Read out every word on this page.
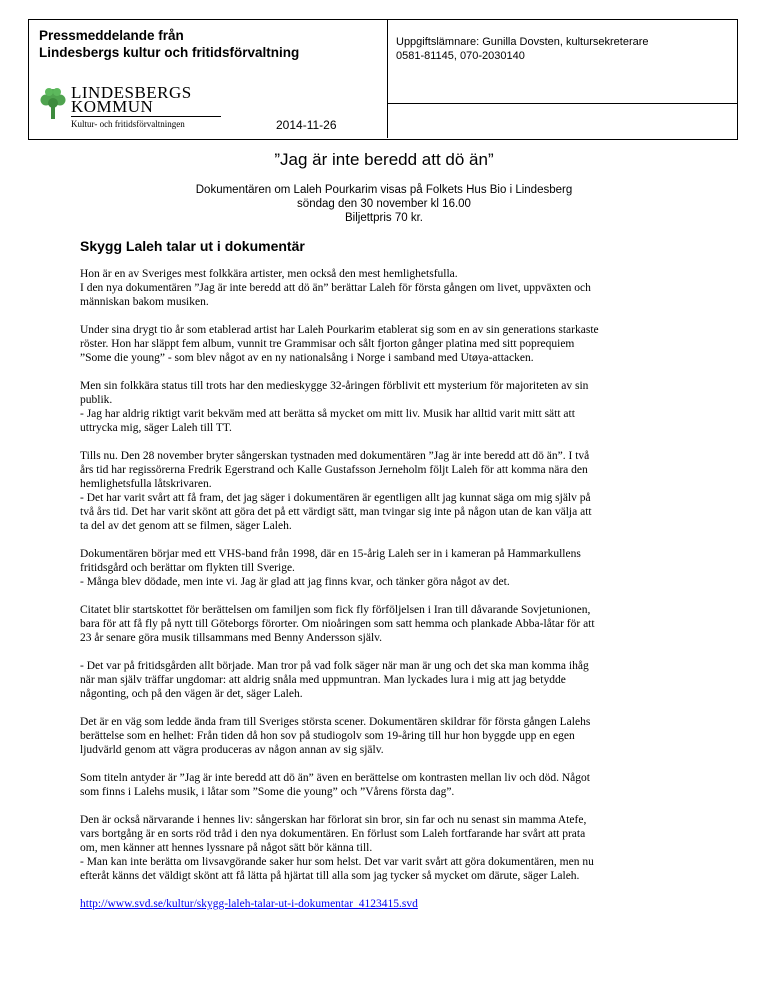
Pressmeddelande från
Lindesbergs kultur och fritidsförvaltning
LINDESBERGS
KOMMUN
Kultur- och fritidsförvaltningen	2014-11-26
Uppgiftslämnare: Gunilla Dovsten, kultursekreterare
0581-81145, 070-2030140
”Jag är inte beredd att dö än”
Dokumentären om Laleh Pourkarim visas på Folkets Hus Bio i Lindesberg
söndag den 30 november kl 16.00
Biljettpris 70 kr.
Skygg Laleh talar ut i dokumentär

Hon är en av Sveriges mest folkkära artister, men också den mest hemlighetsfulla.
I den nya dokumentären ”Jag är inte beredd att dö än” berättar Laleh för första gången om livet, uppväxten och
människan bakom musiken.

Under sina drygt tio år som etablerad artist har Laleh Pourkarim etablerat sig som en av sin generations starkaste
röster. Hon har släppt fem album, vunnit tre Grammisar och sålt fjorton gånger platina med sitt poprequiem
”Some die young” - som blev något av en ny nationalsång i Norge i samband med Utøya-attacken.

Men sin folkkära status till trots har den medieskygge 32-åringen förblivit ett mysterium för majoriteten av sin
publik.
- Jag har aldrig riktigt varit bekväm med att berätta så mycket om mitt liv. Musik har alltid varit mitt sätt att
uttrycka mig, säger Laleh till TT.

Tills nu. Den 28 november bryter sångerskan tystnaden med dokumentären ”Jag är inte beredd att dö än”. I två
års tid har regissörerna Fredrik Egerstrand och Kalle Gustafsson Jerneholm följt Laleh för att komma nära den
hemlighetsfulla låtskrivaren.
- Det har varit svårt att få fram, det jag säger i dokumentären är egentligen allt jag kunnat säga om mig själv på
två års tid. Det har varit skönt att göra det på ett värdigt sätt, man tvingar sig inte på någon utan de kan välja att
ta del av det genom att se filmen, säger Laleh.

Dokumentären börjar med ett VHS-band från 1998, där en 15-årig Laleh ser in i kameran på Hammarkullens
fritidsgård och berättar om flykten till Sverige.
- Många blev dödade, men inte vi. Jag är glad att jag finns kvar, och tänker göra något av det.

Citatet blir startskottet för berättelsen om familjen som fick fly förföljelsen i Iran till dåvarande Sovjetunionen,
bara för att få fly på nytt till Göteborgs förorter. Om nioåringen som satt hemma och plankade Abba-låtar för att
23 år senare göra musik tillsammans med Benny Andersson själv.

- Det var på fritidsgården allt började. Man tror på vad folk säger när man är ung och det ska man komma ihåg
när man själv träffar ungdomar: att aldrig snåla med uppmuntran. Man lyckades lura i mig att jag betydde
någonting, och på den vägen är det, säger Laleh.

Det är en väg som ledde ända fram till Sveriges största scener. Dokumentären skildrar för första gången Lalehs
berättelse som en helhet: Från tiden då hon sov på studiogolv som 19-åring till hur hon byggde upp en egen
ljudvärld genom att vägra produceras av någon annan av sig själv.

Som titeln antyder är ”Jag är inte beredd att dö än” även en berättelse om kontrasten mellan liv och död. Något
som finns i Lalehs musik, i låtar som ”Some die young” och ”Vårens första dag”.

Den är också närvarande i hennes liv: sångerskan har förlorat sin bror, sin far och nu senast sin mamma Atefe,
vars bortgång är en sorts röd tråd i den nya dokumentären. En förlust som Laleh fortfarande har svårt att prata
om, men känner att hennes lyssnare på något sätt bör känna till.
- Man kan inte berätta om livsavgörande saker hur som helst. Det var varit svårt att göra dokumentären, men nu
efteråt känns det väldigt skönt att få lätta på hjärtat till alla som jag tycker så mycket om därute, säger Laleh.

http://www.svd.se/kultur/skygg-laleh-talar-ut-i-dokumentar_4123415.svd
